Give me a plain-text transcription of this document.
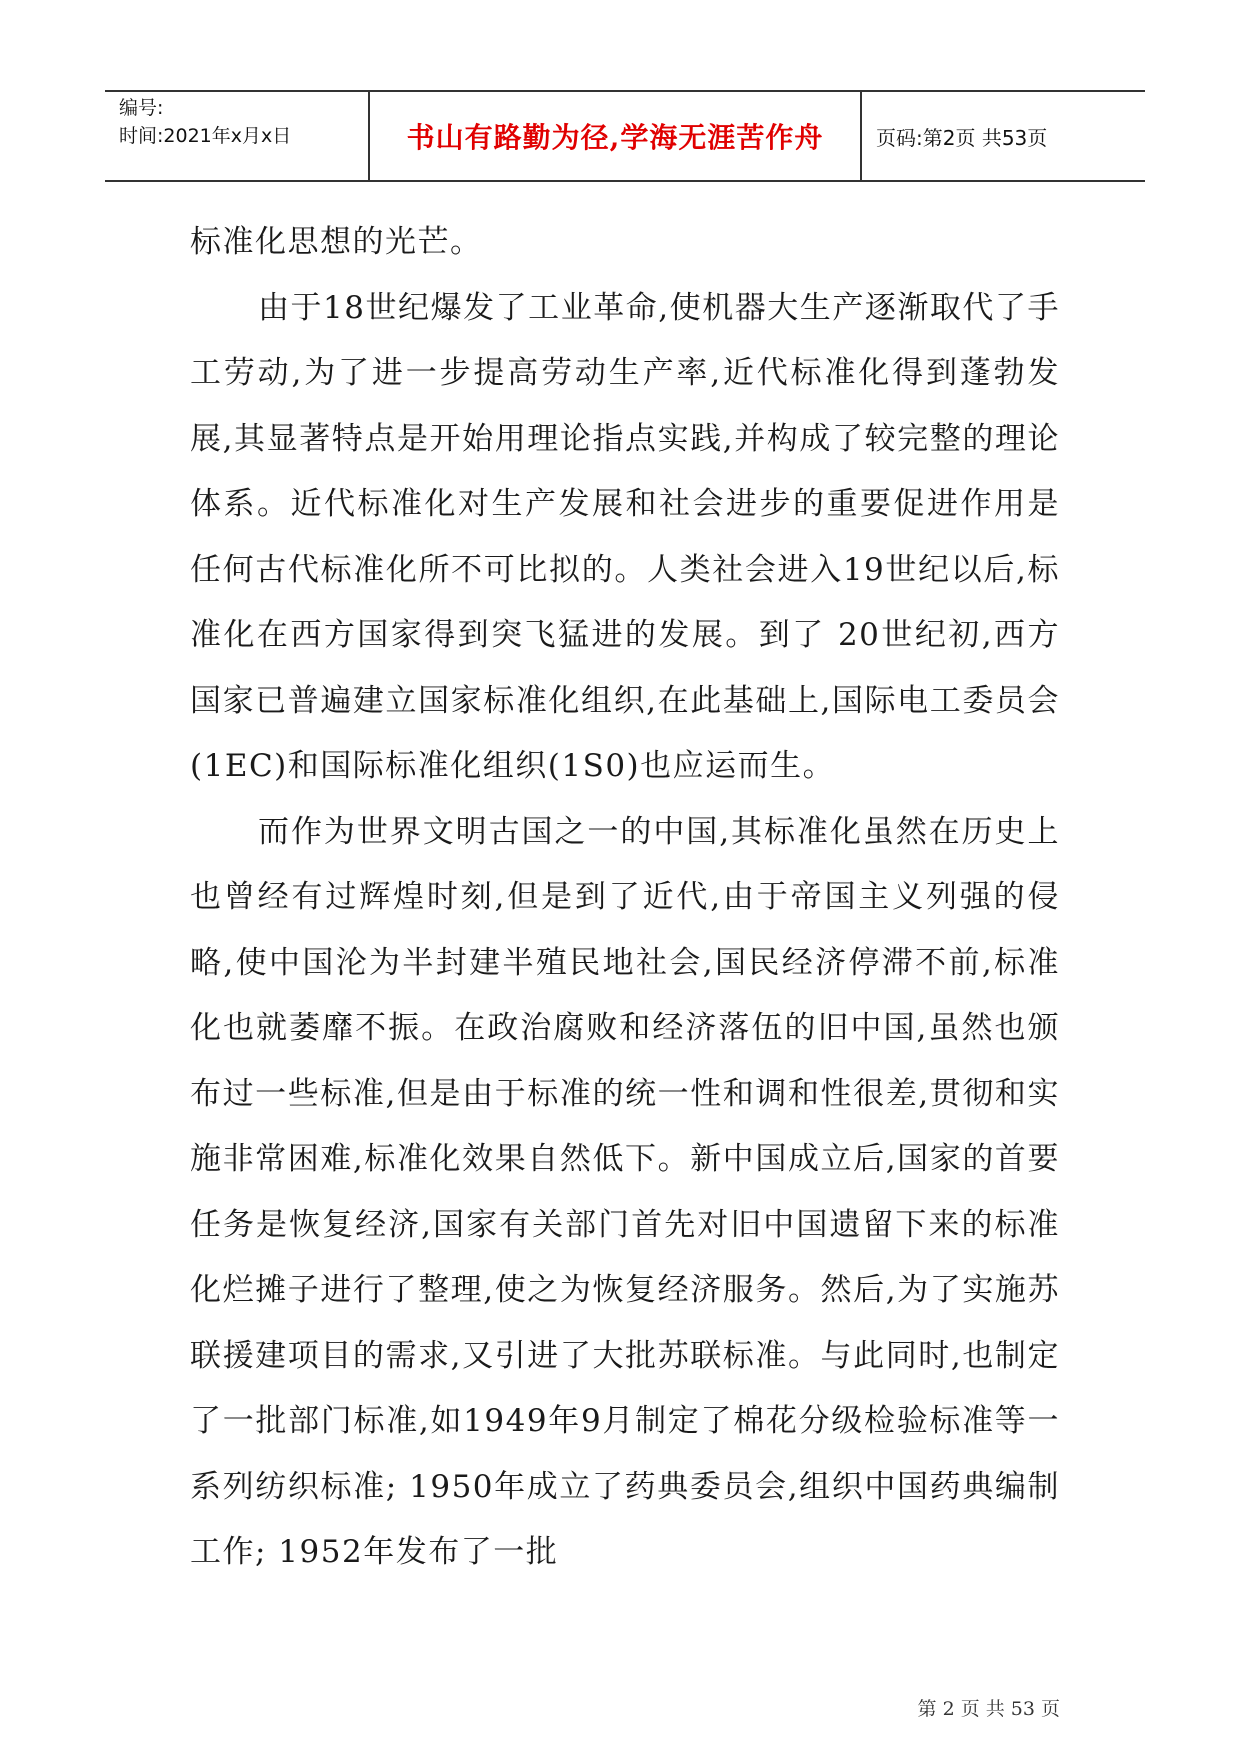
编号:
时间:2021年x月x日	书山有路勤为径,学海无涯苦作舟	页码:第2页 共53页

标准化思想的光芒。

由于18世纪爆发了工业革命,使机器大生产逐渐取代了手工劳动,为了进一步提高劳动生产率,近代标准化得到蓬勃发展,其显著特点是开始用理论指点实践,并构成了较完整的理论体系。近代标准化对生产发展和社会进步的重要促进作用是任何古代标准化所不可比拟的。人类社会进入19世纪以后,标准化在西方国家得到突飞猛进的发展。到了 20世纪初,西方国家已普遍建立国家标准化组织,在此基础上,国际电工委员会(1EC)和国际标准化组织(1S0)也应运而生。

而作为世界文明古国之一的中国,其标准化虽然在历史上也曾经有过辉煌时刻,但是到了近代,由于帝国主义列强的侵略,使中国沦为半封建半殖民地社会,国民经济停滞不前,标准化也就萎靡不振。在政治腐败和经济落伍的旧中国,虽然也颁布过一些标准,但是由于标准的统一性和调和性很差,贯彻和实施非常困难,标准化效果自然低下。新中国成立后,国家的首要任务是恢复经济,国家有关部门首先对旧中国遗留下来的标准化烂摊子进行了整理,使之为恢复经济服务。然后,为了实施苏联援建项目的需求,又引进了大批苏联标准。与此同时,也制定了一批部门标准,如1949年9月制定了棉花分级检验标准等一系列纺织标准; 1950年成立了药典委员会,组织中国药典编制工作; 1952年发布了一批

第 2 页 共 53 页
